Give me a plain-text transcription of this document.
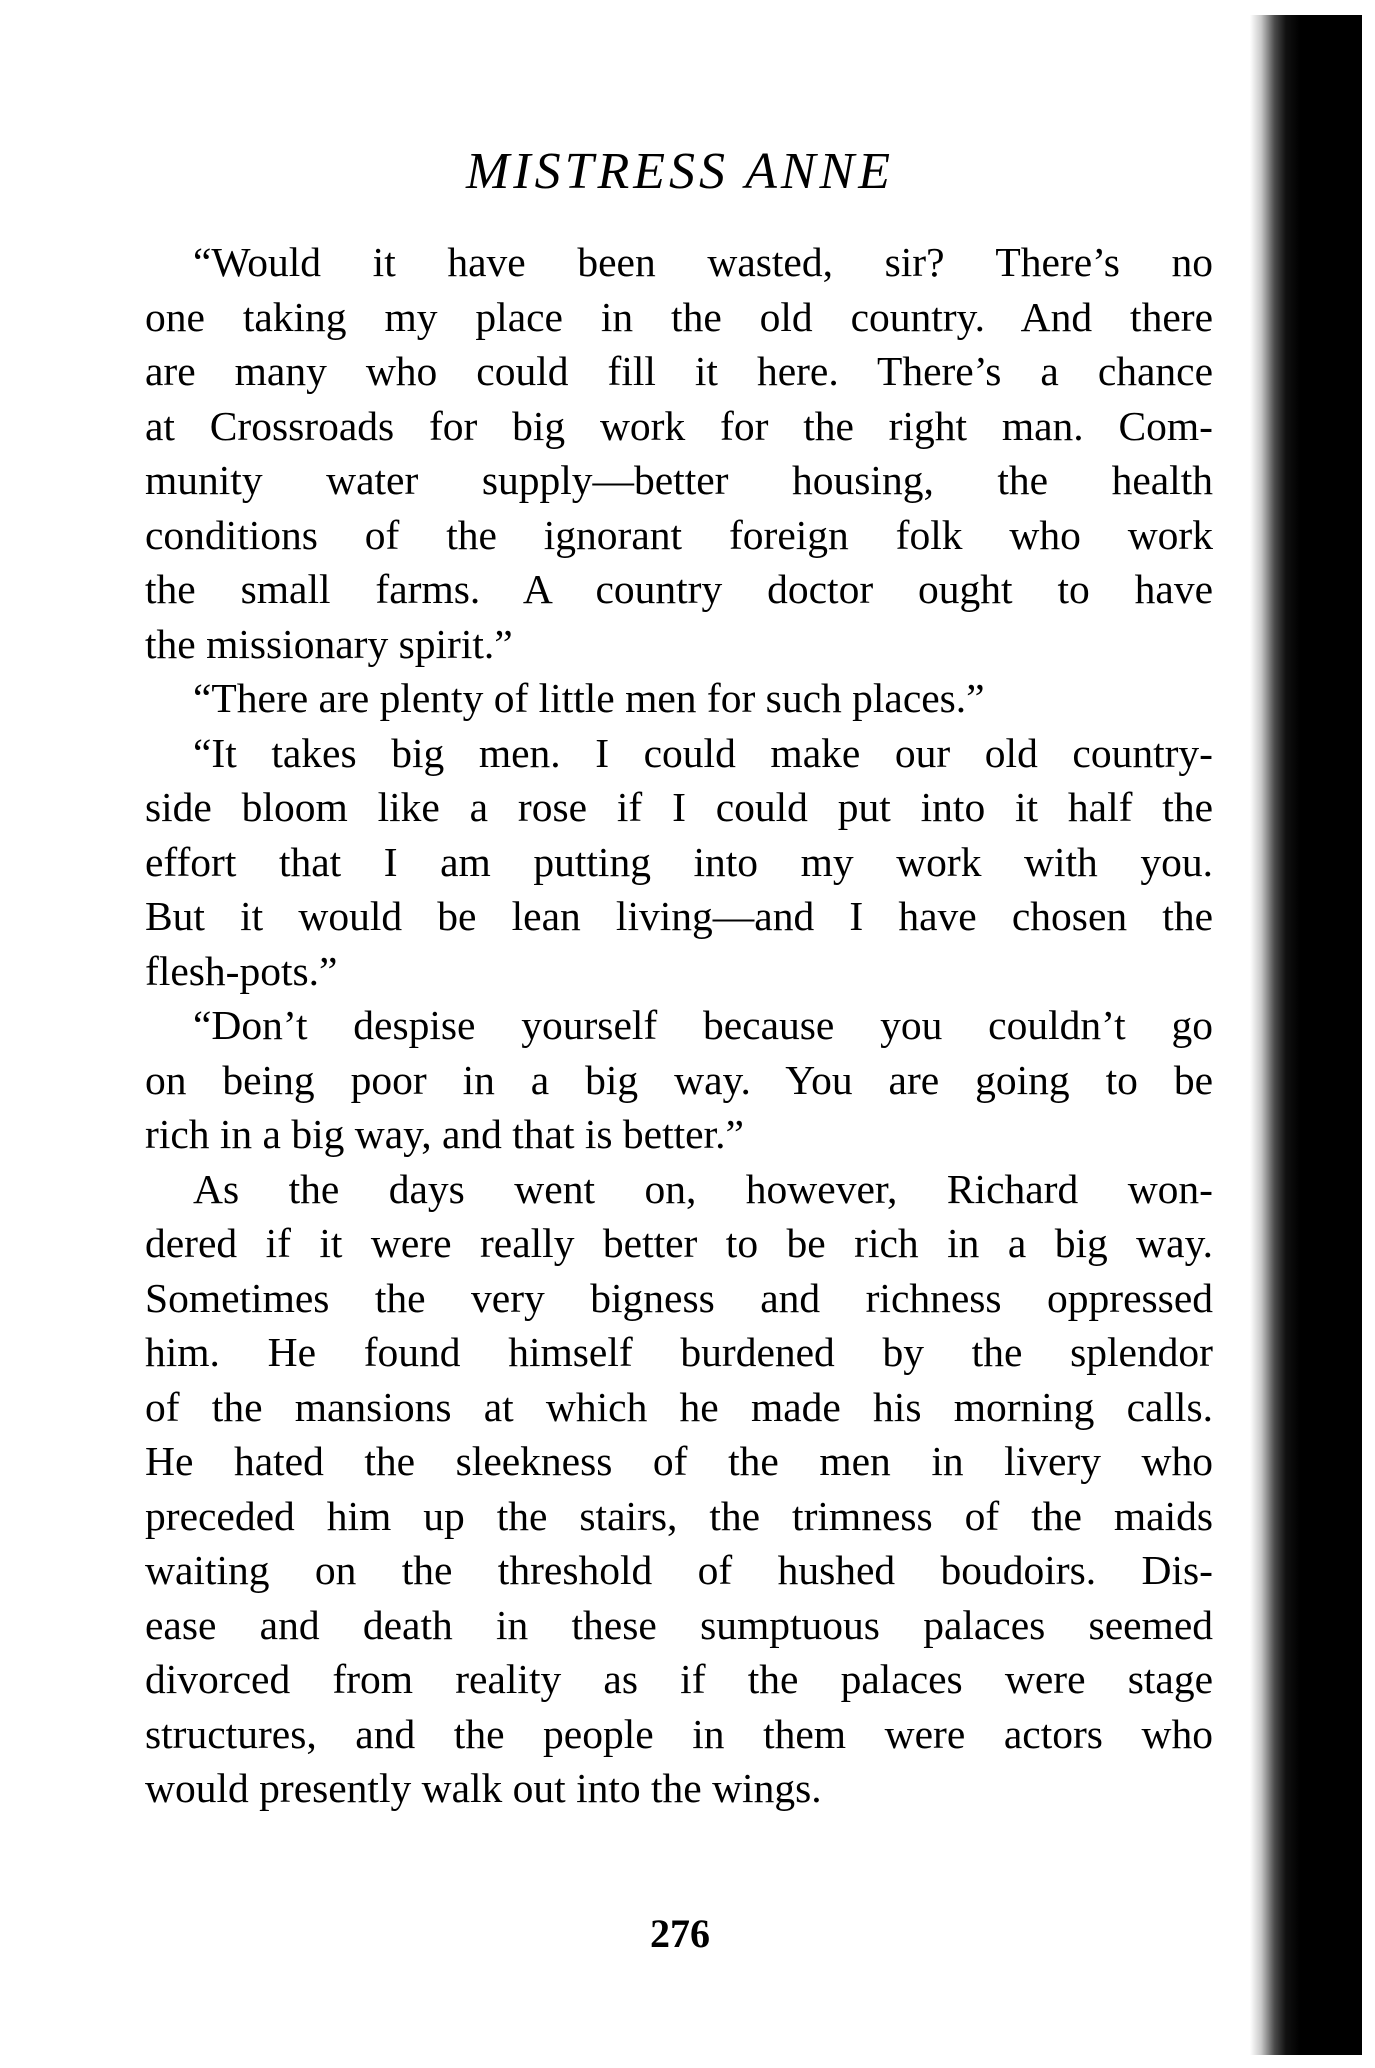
MISTRESS ANNE
“Would it have been wasted, sir? There’s no
one taking my place in the old country. And there
are many who could fill it here. There’s a chance
at Crossroads for big work for the right man. Com-
munity water supply—better housing, the health
conditions of the ignorant foreign folk who work
the small farms. A country doctor ought to have
the missionary spirit.”
“There are plenty of little men for such places.”
“It takes big men. I could make our old country-
side bloom like a rose if I could put into it half the
effort that I am putting into my work with you.
But it would be lean living—and I have chosen the
flesh-pots.”
“Don’t despise yourself because you couldn’t go
on being poor in a big way. You are going to be
rich in a big way, and that is better.”
As the days went on, however, Richard won-
dered if it were really better to be rich in a big way.
Sometimes the very bigness and richness oppressed
him. He found himself burdened by the splendor
of the mansions at which he made his morning calls.
He hated the sleekness of the men in livery who
preceded him up the stairs, the trimness of the maids
waiting on the threshold of hushed boudoirs. Dis-
ease and death in these sumptuous palaces seemed
divorced from reality as if the palaces were stage
structures, and the people in them were actors who
would presently walk out into the wings.
276
